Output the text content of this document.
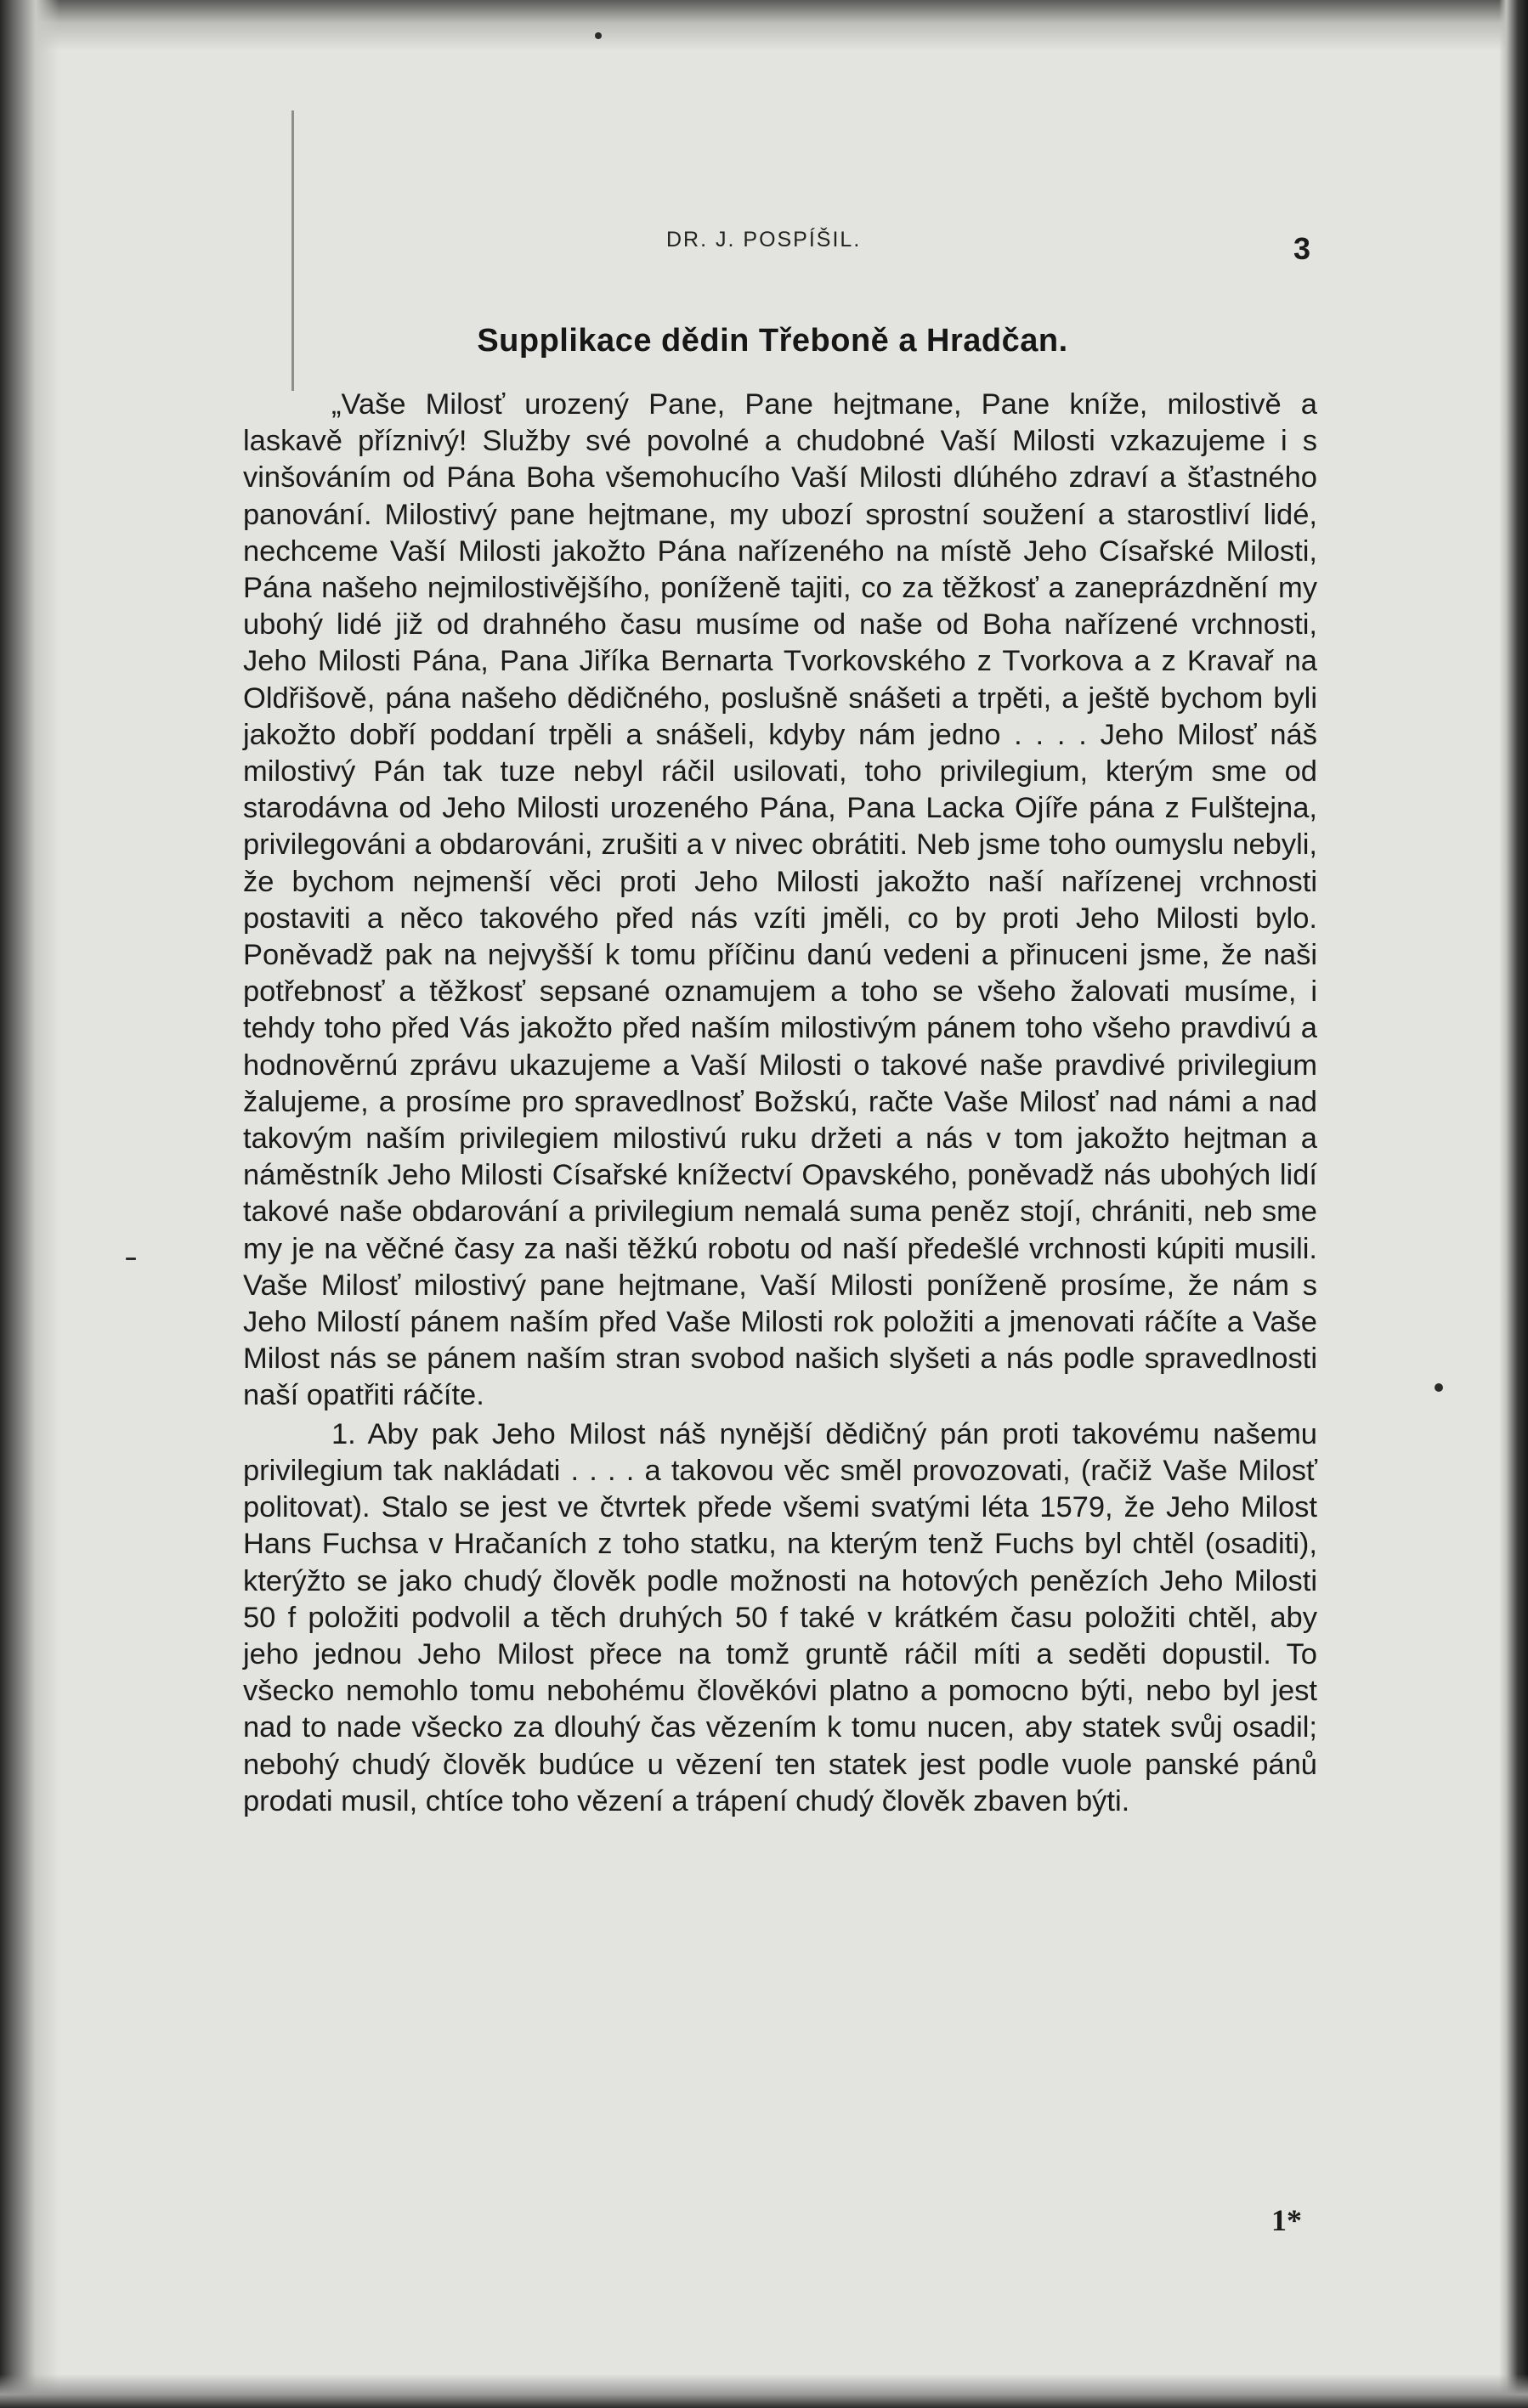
DR. J. POSPÍŠIL.	3
Supplikace dědin Třeboně a Hradčan.

„Vaše Milosť urozený Pane, Pane hejtmane, Pane kníže, milostivě a laskavě příznivý! Služby své povolné a chudobné Vaší Milosti vzkazujeme i s vinšováním od Pána Boha všemohucího Vaší Milosti dlúhého zdraví a šťastného panování. Milostivý pane hejtmane, my ubozí sprostní soužení a starostliví lidé, nechceme Vaší Milosti jakožto Pána nařízeného na místě Jeho Císařské Milosti, Pána našeho nejmilostivějšího, poníženě tajiti, co za těžkosť a zaneprázdnění my ubohý lidé již od drahného času musíme od naše od Boha nařízené vrchnosti, Jeho Milosti Pána, Pana Jiříka Bernarta Tvorkovského z Tvorkova a z Kravař na Oldřišově, pána našeho dědičného, poslušně snášeti a trpěti, a ještě bychom byli jakožto dobří poddaní trpěli a snášeli, kdyby nám jedno . . . . Jeho Milosť náš milostivý Pán tak tuze nebyl ráčil usilovati, toho privilegium, kterým sme od starodávna od Jeho Milosti urozeného Pána, Pana Lacka Ojíře pána z Fulštejna, privilegováni a obdarováni, zrušiti a v nivec obrátiti. Neb jsme toho oumyslu nebyli, že bychom nejmenší věci proti Jeho Milosti jakožto naší nařízenej vrchnosti postaviti a něco takového před nás vzíti jměli, co by proti Jeho Milosti bylo. Poněvadž pak na nejvyšší k tomu příčinu danú vedeni a přinuceni jsme, že naši potřebnosť a těžkosť sepsané oznamujem a toho se všeho žalovati musíme, i tehdy toho před Vás jakožto před naším milostivým pánem toho všeho pravdivú a hodnověrnú zprávu ukazujeme a Vaší Milosti o takové naše pravdivé privilegium žalujeme, a prosíme pro spravedlnosť Božskú, račte Vaše Milosť nad námi a nad takovým naším privilegiem milostivú ruku držeti a nás v tom jakožto hejtman a náměstník Jeho Milosti Císařské knížectví Opavského, poněvadž nás ubohých lidí takové naše obdarování a privilegium nemalá suma peněz stojí, chrániti, neb sme my je na věčné časy za naši těžkú robotu od naší předešlé vrchnosti kúpiti musili. Vaše Milosť milostivý pane hejtmane, Vaší Milosti poníženě prosíme, že nám s Jeho Milostí pánem naším před Vaše Milosti rok položiti a jmenovati ráčíte a Vaše Milost nás se pánem naším stran svobod našich slyšeti a nás podle spravedlnosti naší opatřiti ráčíte.

1. Aby pak Jeho Milost náš nynější dědičný pán proti takovému našemu privilegium tak nakládati . . . . a takovou věc směl provozovati, (račiž Vaše Milosť politovat). Stalo se jest ve čtvrtek přede všemi svatými léta 1579, že Jeho Milost Hans Fuchsa v Hračaních z toho statku, na kterým tenž Fuchs byl chtěl (osaditi), kterýžto se jako chudý člověk podle možnosti na hotových penězích Jeho Milosti 50 f položiti podvolil a těch druhých 50 f také v krátkém času položiti chtěl, aby jeho jednou Jeho Milost přece na tomž gruntě ráčil míti a seděti dopustil. To všecko nemohlo tomu nebohému člověkóvi platno a pomocno býti, nebo byl jest nad to nade všecko za dlouhý čas vězením k tomu nucen, aby statek svůj osadil; nebohý chudý člověk budúce u vězení ten statek jest podle vuole panské pánů prodati musil, chtíce toho vězení a trápení chudý člověk zbaven býti.

1*
